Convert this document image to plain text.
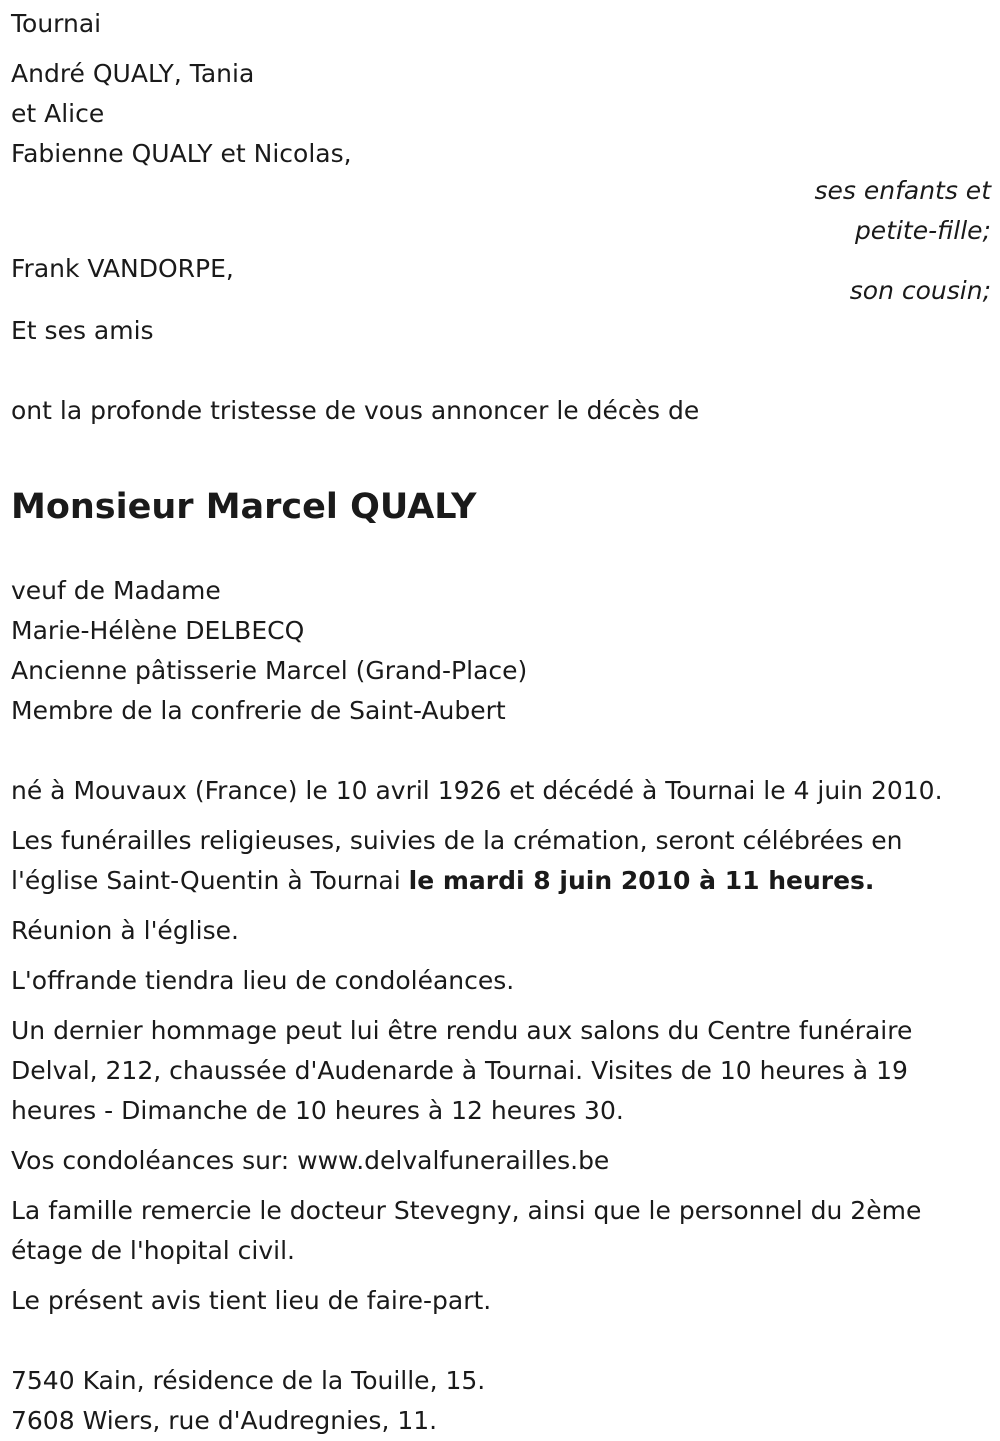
Tournai
André QUALY, Tania
et Alice
Fabienne QUALY et Nicolas,
ses enfants et
petite-fille;
Frank VANDORPE,
son cousin;
Et ses amis
ont la profonde tristesse de vous annoncer le décès de
Monsieur Marcel QUALY
veuf de Madame
Marie-Hélène DELBECQ
Ancienne pâtisserie Marcel (Grand-Place)
Membre de la confrerie de Saint-Aubert
né à Mouvaux (France) le 10 avril 1926 et décédé à Tournai le 4 juin 2010.
Les funérailles religieuses, suivies de la crémation, seront célébrées en
l'église Saint-Quentin à Tournai le mardi 8 juin 2010 à 11 heures.
Réunion à l'église.
L'offrande tiendra lieu de condoléances.
Un dernier hommage peut lui être rendu aux salons du Centre funéraire
Delval, 212, chaussée d'Audenarde à Tournai. Visites de 10 heures à 19
heures - Dimanche de 10 heures à 12 heures 30.
Vos condoléances sur: www.delvalfunerailles.be
La famille remercie le docteur Stevegny, ainsi que le personnel du 2ème
étage de l'hopital civil.
Le présent avis tient lieu de faire-part.
7540 Kain, résidence de la Touille, 15.
7608 Wiers, rue d'Audregnies, 11.
